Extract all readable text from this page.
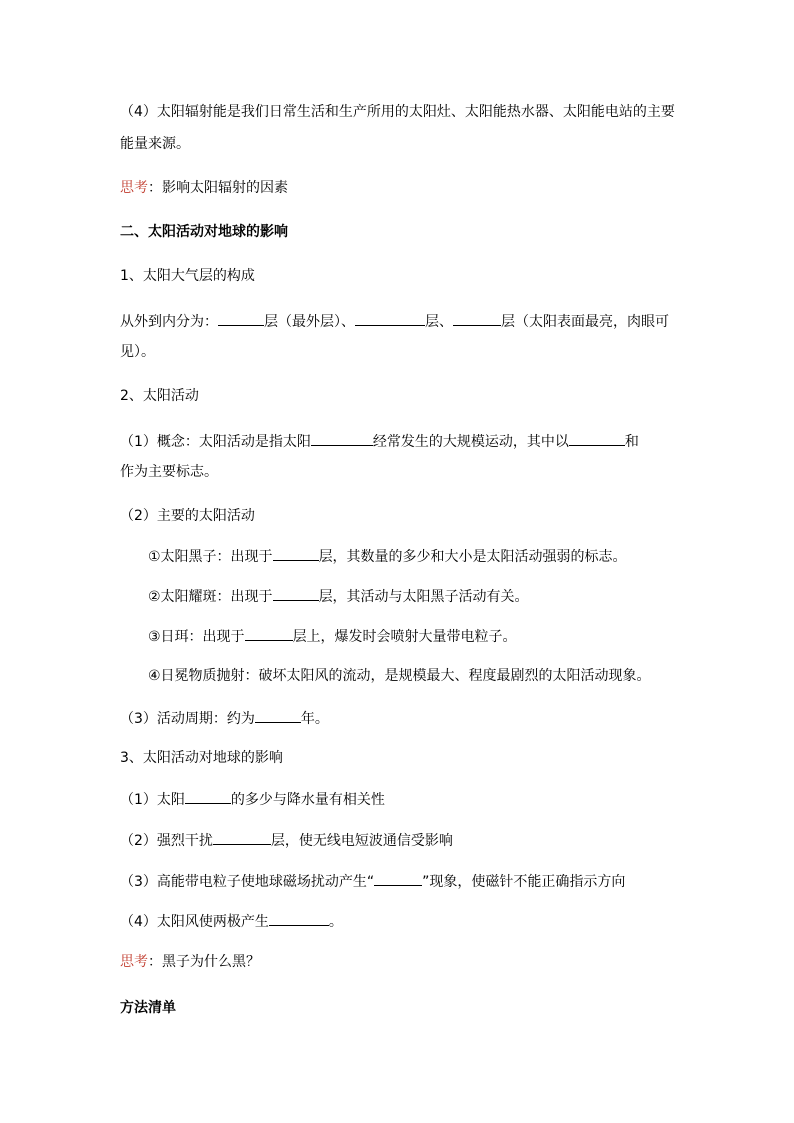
（4）太阳辐射能是我们日常生活和生产所用的太阳灶、太阳能热水器、太阳能电站的主要
能量来源。
思考：影响太阳辐射的因素
二、太阳活动对地球的影响
1、太阳大气层的构成
从外到内分为：	层（最外层）、	层、	层（太阳表面最亮，肉眼可
见）。
2、太阳活动
（1）概念：太阳活动是指太阳	经常发生的大规模运动，其中以	和
作为主要标志。
（2）主要的太阳活动
①太阳黑子：出现于	层，其数量的多少和大小是太阳活动强弱的标志。
②太阳耀斑：出现于	层，其活动与太阳黑子活动有关。
③日珥：出现于	层上，爆发时会喷射大量带电粒子。
④日冕物质抛射：破坏太阳风的流动，是规模最大、程度最剧烈的太阳活动现象。
（3）活动周期：约为	年。
3、太阳活动对地球的影响
（1）太阳	的多少与降水量有相关性
（2）强烈干扰	层，使无线电短波通信受影响
（3）高能带电粒子使地球磁场扰动产生“	”现象，使磁针不能正确指示方向
（4）太阳风使两极产生	。
思考：黑子为什么黑？
方法清单
